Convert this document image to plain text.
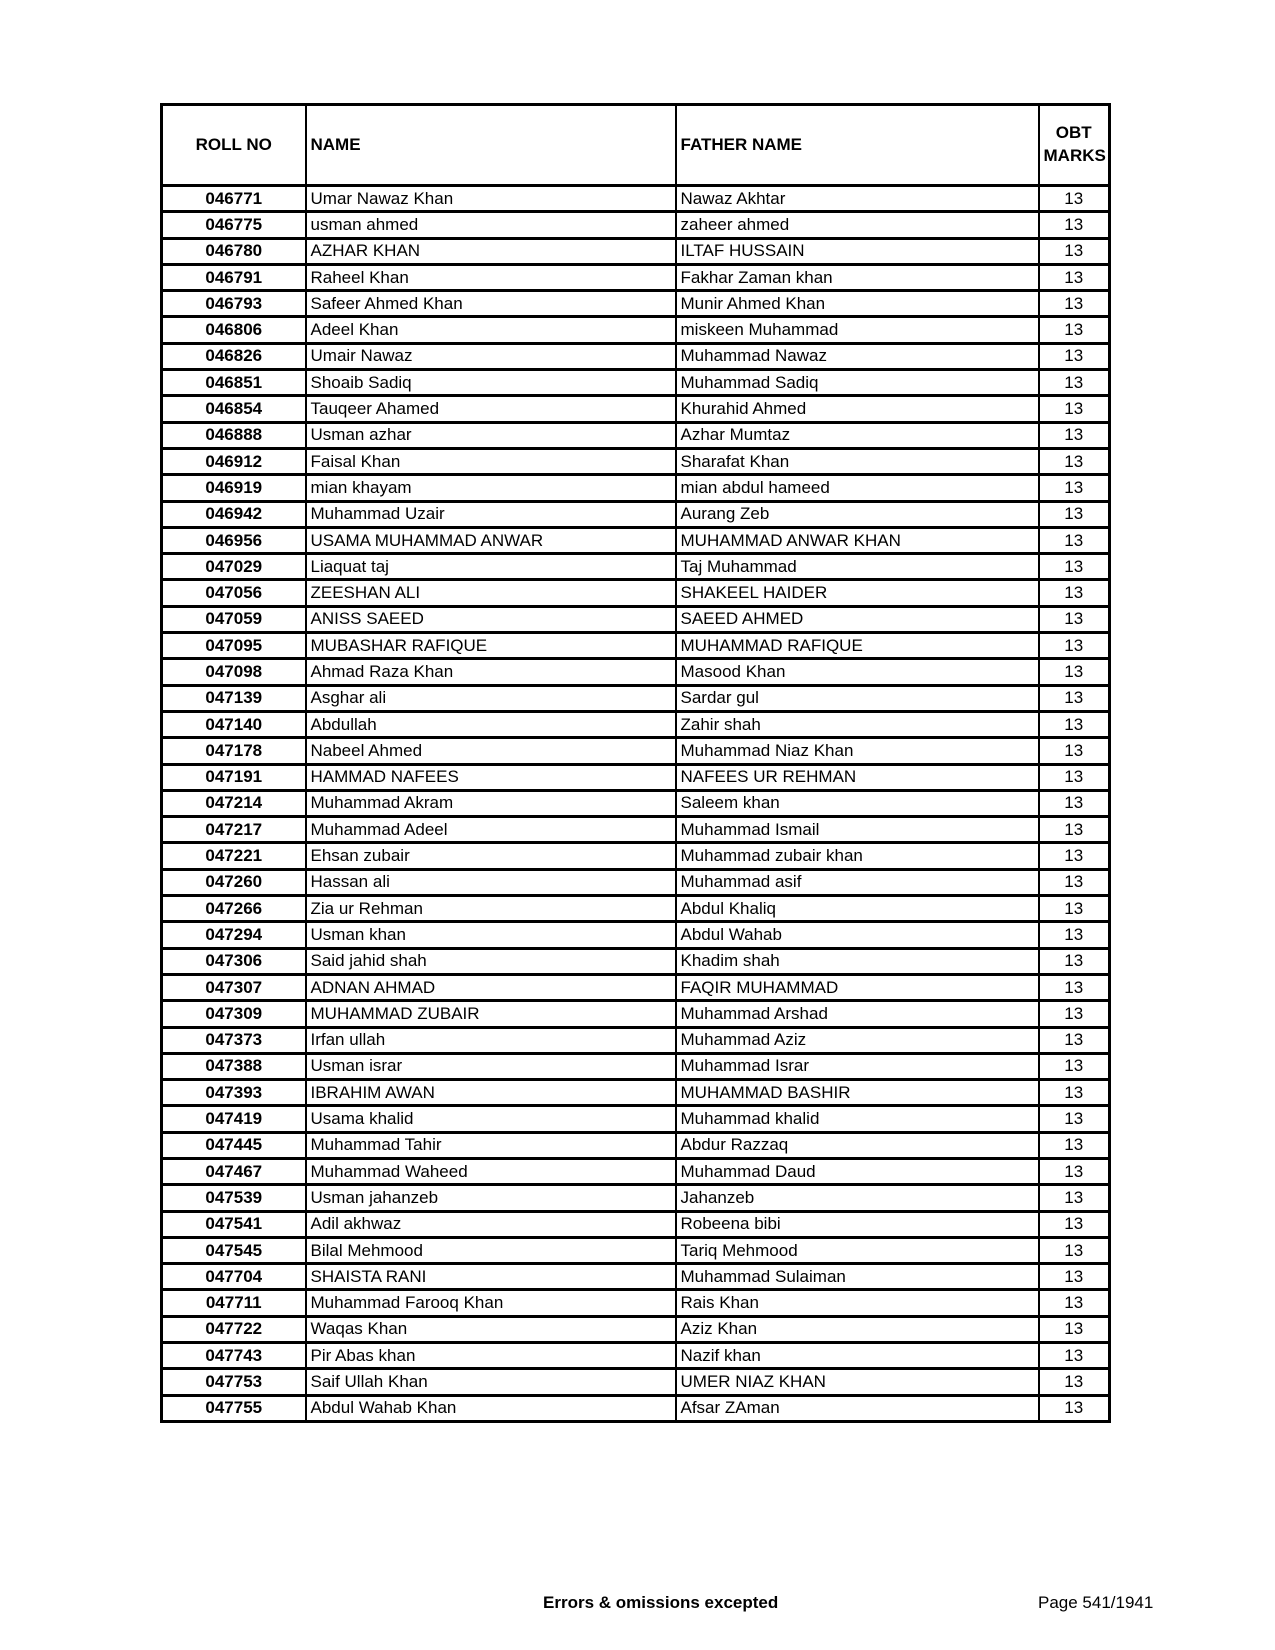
ROLL NO	NAME	FATHER NAME	OBT MARKS
046771	Umar Nawaz Khan	Nawaz Akhtar	13
046775	usman ahmed	zaheer ahmed	13
046780	AZHAR KHAN	ILTAF HUSSAIN	13
046791	Raheel Khan	Fakhar Zaman khan	13
046793	Safeer Ahmed Khan	Munir Ahmed Khan	13
046806	Adeel Khan	miskeen Muhammad	13
046826	Umair Nawaz	Muhammad Nawaz	13
046851	Shoaib Sadiq	Muhammad Sadiq	13
046854	Tauqeer Ahamed	Khurahid Ahmed	13
046888	Usman azhar	Azhar Mumtaz	13
046912	Faisal Khan	Sharafat Khan	13
046919	mian khayam	mian abdul hameed	13
046942	Muhammad Uzair	Aurang Zeb	13
046956	USAMA MUHAMMAD ANWAR	MUHAMMAD ANWAR KHAN	13
047029	Liaquat taj	Taj Muhammad	13
047056	ZEESHAN ALI	SHAKEEL HAIDER	13
047059	ANISS SAEED	SAEED AHMED	13
047095	MUBASHAR RAFIQUE	MUHAMMAD RAFIQUE	13
047098	Ahmad Raza Khan	Masood Khan	13
047139	Asghar ali	Sardar gul	13
047140	Abdullah	Zahir shah	13
047178	Nabeel Ahmed	Muhammad Niaz Khan	13
047191	HAMMAD NAFEES	NAFEES UR REHMAN	13
047214	Muhammad Akram	Saleem khan	13
047217	Muhammad Adeel	Muhammad Ismail	13
047221	Ehsan zubair	Muhammad zubair khan	13
047260	Hassan ali	Muhammad asif	13
047266	Zia ur Rehman	Abdul Khaliq	13
047294	Usman khan	Abdul Wahab	13
047306	Said jahid shah	Khadim shah	13
047307	ADNAN AHMAD	FAQIR MUHAMMAD	13
047309	MUHAMMAD ZUBAIR	Muhammad Arshad	13
047373	Irfan ullah	Muhammad Aziz	13
047388	Usman israr	Muhammad Israr	13
047393	IBRAHIM AWAN	MUHAMMAD BASHIR	13
047419	Usama khalid	Muhammad khalid	13
047445	Muhammad Tahir	Abdur Razzaq	13
047467	Muhammad Waheed	Muhammad Daud	13
047539	Usman jahanzeb	Jahanzeb	13
047541	Adil akhwaz	Robeena bibi	13
047545	Bilal Mehmood	Tariq Mehmood	13
047704	SHAISTA RANI	Muhammad Sulaiman	13
047711	Muhammad Farooq Khan	Rais Khan	13
047722	Waqas Khan	Aziz Khan	13
047743	Pir Abas khan	Nazif khan	13
047753	Saif Ullah Khan	UMER NIAZ KHAN	13
047755	Abdul Wahab Khan	Afsar ZAman	13
Errors & omissions excepted	Page 541/1941
